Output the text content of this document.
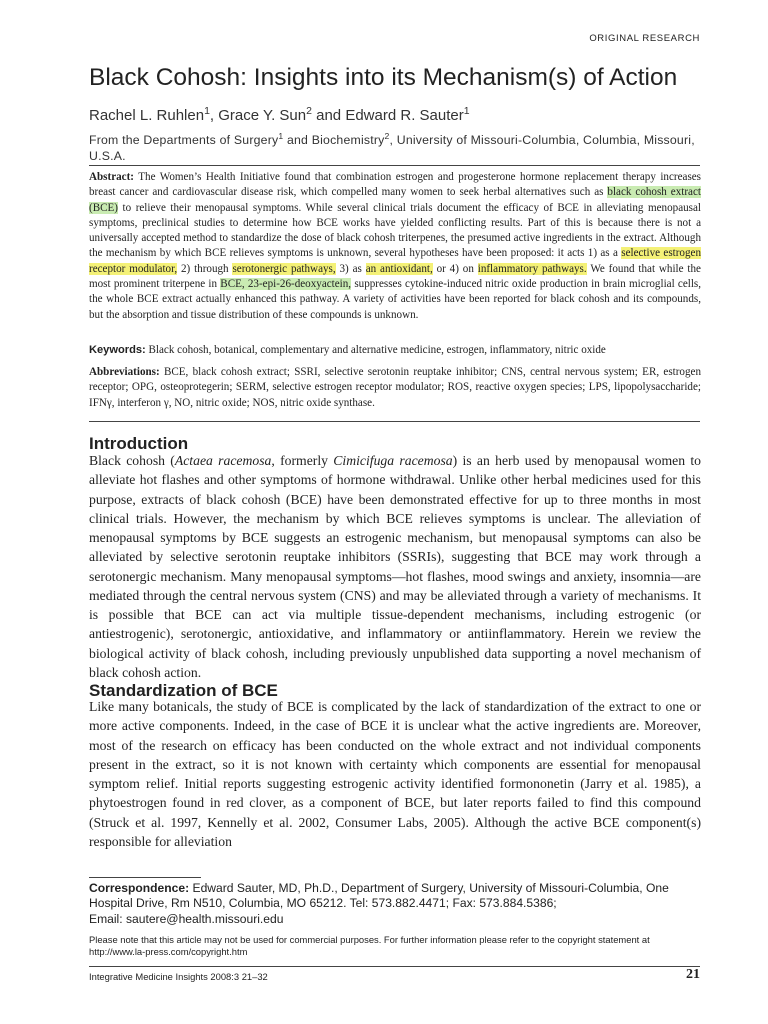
ORIGINAL RESEARCH
Black Cohosh: Insights into its Mechanism(s) of Action
Rachel L. Ruhlen$^1$, Grace Y. Sun$^2$ and Edward R. Sauter$^1$
From the Departments of Surgery$^1$ and Biochemistry$^2$, University of Missouri-Columbia, Columbia, Missouri, U.S.A.
Abstract: The Women’s Health Initiative found that combination estrogen and progesterone hormone replacement therapy increases breast cancer and cardiovascular disease risk, which compelled many women to seek herbal alternatives such as black cohosh extract (BCE) to relieve their menopausal symptoms. While several clinical trials document the efficacy of BCE in alleviating menopausal symptoms, preclinical studies to determine how BCE works have yielded conflicting results. Part of this is because there is not a universally accepted method to standardize the dose of black cohosh triterpenes, the presumed active ingredients in the extract. Although the mechanism by which BCE relieves symptoms is unknown, several hypotheses have been proposed: it acts 1) as a selective estrogen receptor modulator, 2) through serotonergic pathways, 3) as an antioxidant, or 4) on inflammatory pathways. We found that while the most prominent triterpene in BCE, 23-epi-26-deoxyactein, suppresses cytokine-induced nitric oxide production in brain microglial cells, the whole BCE extract actually enhanced this pathway. A variety of activities have been reported for black cohosh and its compounds, but the absorption and tissue distribution of these compounds is unknown.
Keywords: Black cohosh, botanical, complementary and alternative medicine, estrogen, inflammatory, nitric oxide
Abbreviations: BCE, black cohosh extract; SSRI, selective serotonin reuptake inhibitor; CNS, central nervous system; ER, estrogen receptor; OPG, osteoprotegerin; SERM, selective estrogen receptor modulator; ROS, reactive oxygen species; LPS, lipopolysaccharide; IFNγ, interferon γ, NO, nitric oxide; NOS, nitric oxide synthase.
Introduction

Black cohosh (Actaea racemosa, formerly Cimicifuga racemosa) is an herb used by menopausal women to alleviate hot flashes and other symptoms of hormone withdrawal. Unlike other herbal medicines used for this purpose, extracts of black cohosh (BCE) have been demonstrated effective for up to three months in most clinical trials. However, the mechanism by which BCE relieves symptoms is unclear. The alleviation of menopausal symptoms by BCE suggests an estrogenic mechanism, but menopausal symptoms can also be alleviated by selective serotonin reuptake inhibitors (SSRIs), suggesting that BCE may work through a serotonergic mechanism. Many menopausal symptoms—hot flashes, mood swings and anxiety, insomnia—are mediated through the central nervous system (CNS) and may be alleviated through a variety of mechanisms. It is possible that BCE can act via multiple tissue-dependent mechanisms, including estrogenic (or antiestrogenic), serotonergic, antioxidative, and inflammatory or antiinflammatory. Herein we review the biological activity of black cohosh, including previously unpublished data supporting a novel mechanism of black cohosh action.

Standardization of BCE

Like many botanicals, the study of BCE is complicated by the lack of standardization of the extract to one or more active components. Indeed, in the case of BCE it is unclear what the active ingredients are. Moreover, most of the research on efficacy has been conducted on the whole extract and not individual components present in the extract, so it is not known with certainty which components are essential for menopausal symptom relief. Initial reports suggesting estrogenic activity identified formononetin (Jarry et al. 1985), a phytoestrogen found in red clover, as a component of BCE, but later reports failed to find this compound (Struck et al. 1997, Kennelly et al. 2002, Consumer Labs, 2005). Although the active BCE component(s) responsible for alleviation

Correspondence: Edward Sauter, MD, Ph.D., Department of Surgery, University of Missouri-Columbia, One Hospital Drive, Rm N510, Columbia, MO 65212. Tel: 573.882.4471; Fax: 573.884.5386;
Email: sautere@health.missouri.edu
Please note that this article may not be used for commercial purposes. For further information please refer to the copyright statement at http://www.la-press.com/copyright.htm
Integrative Medicine Insights 2008:3 21–32	21
